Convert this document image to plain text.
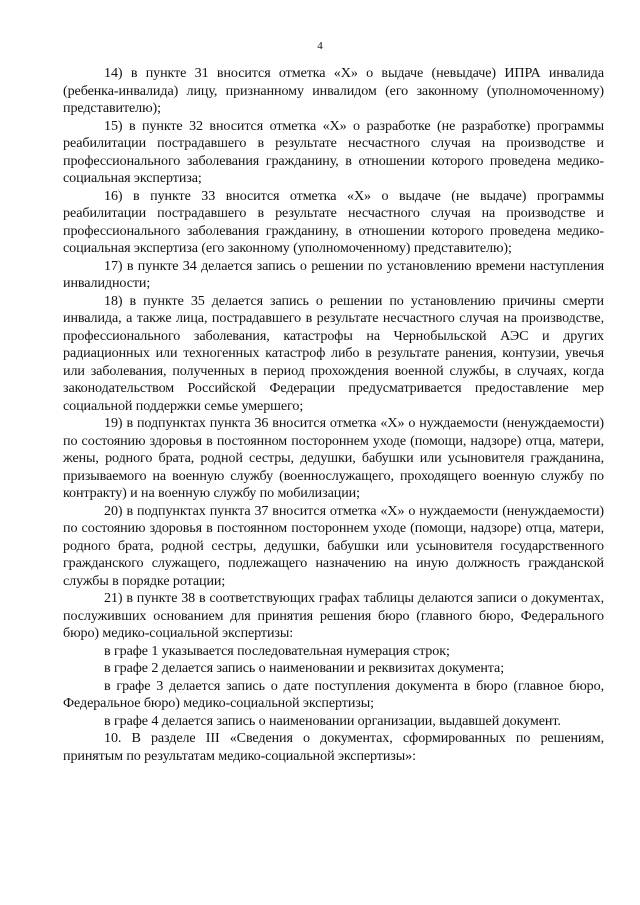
4

14) в пункте 31 вносится отметка «Х» о выдаче (невыдаче) ИПРА инвалида (ребенка-инвалида) лицу, признанному инвалидом (его законному (уполномоченному) представителю);

15) в пункте 32 вносится отметка «Х» о разработке (не разработке) программы реабилитации пострадавшего в результате несчастного случая на производстве и профессионального заболевания гражданину, в отношении которого проведена медико-социальная экспертиза;

16) в пункте 33 вносится отметка «Х» о выдаче (не выдаче) программы реабилитации пострадавшего в результате несчастного случая на производстве и профессионального заболевания гражданину, в отношении которого проведена медико-социальная экспертиза (его законному (уполномоченному) представителю);

17) в пункте 34 делается запись о решении по установлению времени наступления инвалидности;

18) в пункте 35 делается запись о решении по установлению причины смерти инвалида, а также лица, пострадавшего в результате несчастного случая на производстве, профессионального заболевания, катастрофы на Чернобыльской АЭС и других радиационных или техногенных катастроф либо в результате ранения, контузии, увечья или заболевания, полученных в период прохождения военной службы, в случаях, когда законодательством Российской Федерации предусматривается предоставление мер социальной поддержки семье умершего;

19) в подпунктах пункта 36 вносится отметка «Х» о нуждаемости (ненуждаемости) по состоянию здоровья в постоянном постороннем уходе (помощи, надзоре) отца, матери, жены, родного брата, родной сестры, дедушки, бабушки или усыновителя гражданина, призываемого на военную службу (военнослужащего, проходящего военную службу по контракту) и на военную службу по мобилизации;

20) в подпунктах пункта 37 вносится отметка «Х» о нуждаемости (ненуждаемости) по состоянию здоровья в постоянном постороннем уходе (помощи, надзоре) отца, матери, родного брата, родной сестры, дедушки, бабушки или усыновителя государственного гражданского служащего, подлежащего назначению на иную должность гражданской службы в порядке ротации;

21) в пункте 38 в соответствующих графах таблицы делаются записи о документах, послуживших основанием для принятия решения бюро (главного бюро, Федерального бюро) медико-социальной экспертизы:

в графе 1 указывается последовательная нумерация строк;

в графе 2 делается запись о наименовании и реквизитах документа;

в графе 3 делается запись о дате поступления документа в бюро (главное бюро, Федеральное бюро) медико-социальной экспертизы;

в графе 4 делается запись о наименовании организации, выдавшей документ.

10. В разделе III «Сведения о документах, сформированных по решениям, принятым по результатам медико-социальной экспертизы»:
